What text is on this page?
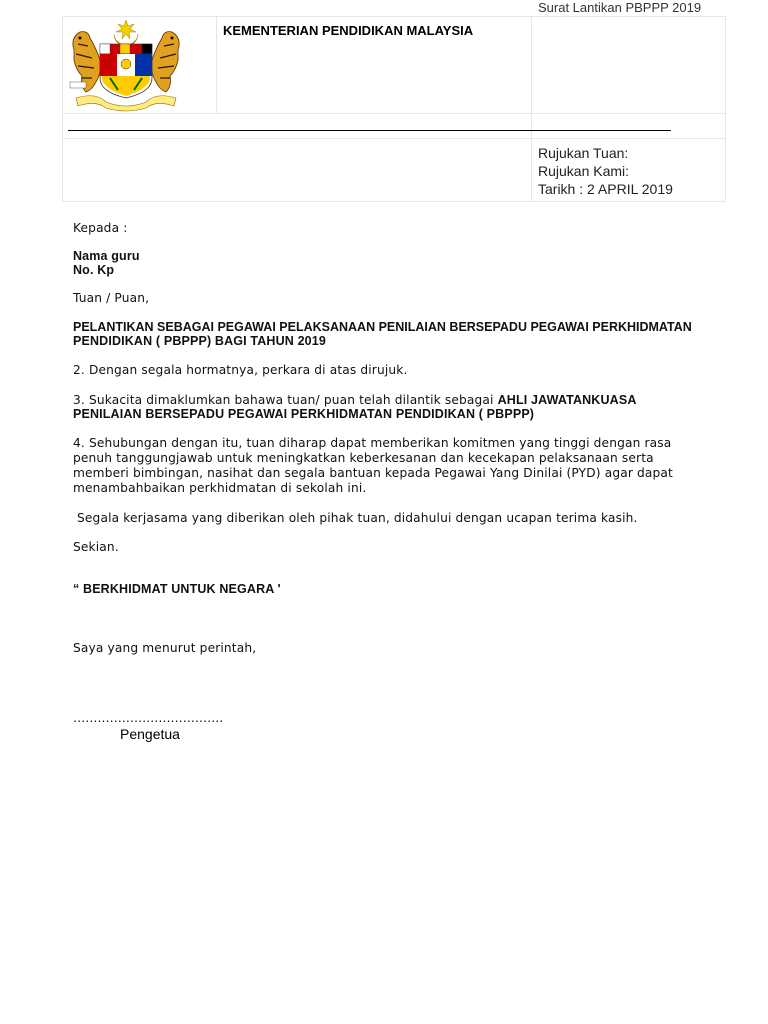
Surat Lantikan PBPPP 2019

	KEMENTERIAN PENDIDIKAN MALAYSIA	

		Rujukan Tuan:
Rujukan Kami:
Tarikh : 2 APRIL 2019
Kepada :
Nama guru
No. Kp
Tuan / Puan,
PELANTIKAN SEBAGAI PEGAWAI PELAKSANAAN PENILAIAN BERSEPADU PEGAWAI PERKHIDMATAN
PENDIDIKAN ( PBPPP) BAGI TAHUN 2019
2. Dengan segala hormatnya, perkara di atas dirujuk.
3. Sukacita dimaklumkan bahawa tuan/ puan telah dilantik sebagai AHLI JAWATANKUASA
PENILAIAN BERSEPADU PEGAWAI PERKHIDMATAN PENDIDIKAN ( PBPPP)
4. Sehubungan dengan itu, tuan diharap dapat memberikan komitmen yang tinggi dengan rasa
penuh tanggungjawab untuk meningkatkan keberkesanan dan kecekapan pelaksanaan serta
memberi bimbingan, nasihat dan segala bantuan kepada Pegawai Yang Dinilai (PYD) agar dapat
menambahbaikan perkhidmatan di sekolah ini.
Segala kerjasama yang diberikan oleh pihak tuan, didahului dengan ucapan terima kasih.
Sekian.
“ BERKHIDMAT UNTUK NEGARA '
Saya yang menurut perintah,
……………………………….
Pengetua
